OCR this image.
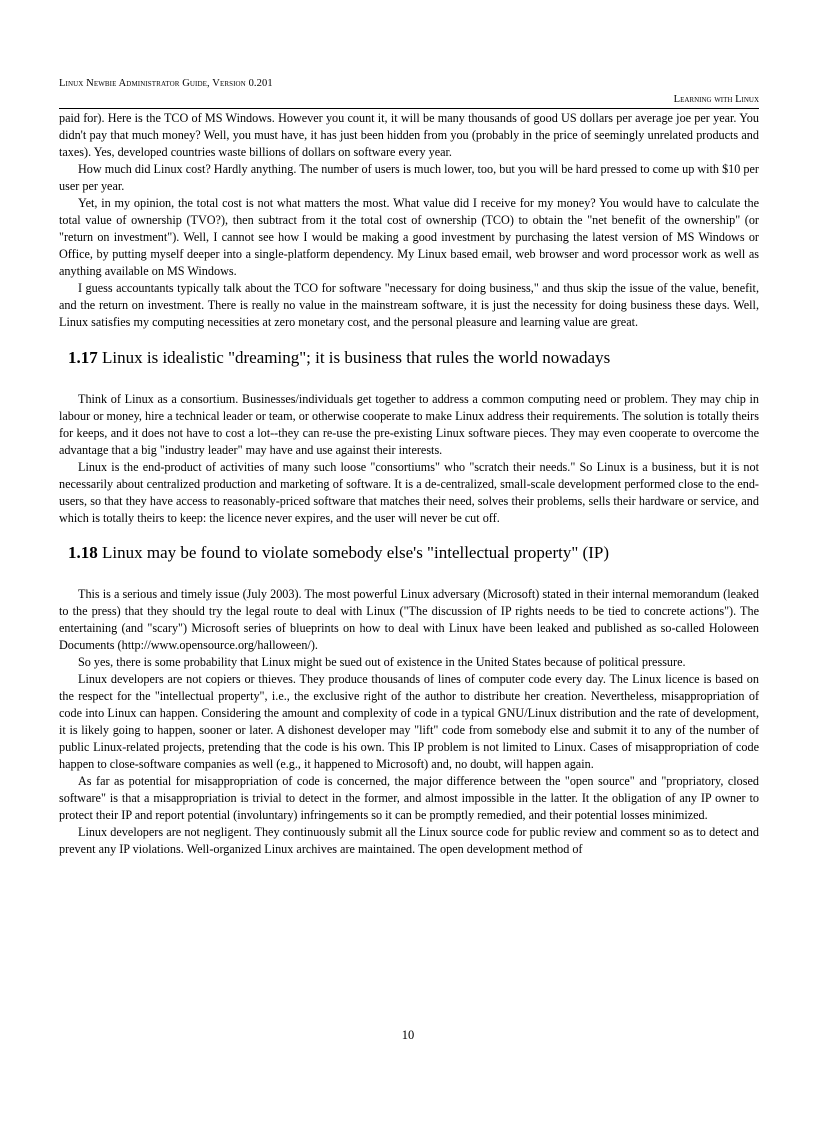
Linux Newbie Administrator Guide, Version 0.201
Learning with Linux

paid for). Here is the TCO of MS Windows. However you count it, it will be many thousands of good US dollars per average joe per year. You didn't pay that much money? Well, you must have, it has just been hidden from you (probably in the price of seemingly unrelated products and taxes). Yes, developed countries waste billions of dollars on software every year.

How much did Linux cost? Hardly anything. The number of users is much lower, too, but you will be hard pressed to come up with $10 per user per year.

Yet, in my opinion, the total cost is not what matters the most. What value did I receive for my money? You would have to calculate the total value of ownership (TVO?), then subtract from it the total cost of ownership (TCO) to obtain the "net benefit of the ownership" (or "return on investment"). Well, I cannot see how I would be making a good investment by purchasing the latest version of MS Windows or Office, by putting myself deeper into a single-platform dependency. My Linux based email, web browser and word processor work as well as anything available on MS Windows.

I guess accountants typically talk about the TCO for software "necessary for doing business," and thus skip the issue of the value, benefit, and the return on investment. There is really no value in the mainstream software, it is just the necessity for doing business these days. Well, Linux satisfies my computing necessities at zero monetary cost, and the personal pleasure and learning value are great.

1.17 Linux is idealistic "dreaming"; it is business that rules the world nowadays

Think of Linux as a consortium. Businesses/individuals get together to address a common computing need or problem. They may chip in labour or money, hire a technical leader or team, or otherwise cooperate to make Linux address their requirements. The solution is totally theirs for keeps, and it does not have to cost a lot--they can re-use the pre-existing Linux software pieces. They may even cooperate to overcome the advantage that a big "industry leader" may have and use against their interests.

Linux is the end-product of activities of many such loose "consortiums" who "scratch their needs." So Linux is a business, but it is not necessarily about centralized production and marketing of software. It is a de-centralized, small-scale development performed close to the end-users, so that they have access to reasonably-priced software that matches their need, solves their problems, sells their hardware or service, and which is totally theirs to keep: the licence never expires, and the user will never be cut off.

1.18 Linux may be found to violate somebody else's "intellectual property" (IP)

This is a serious and timely issue (July 2003). The most powerful Linux adversary (Microsoft) stated in their internal memorandum (leaked to the press) that they should try the legal route to deal with Linux ("The discussion of IP rights needs to be tied to concrete actions"). The entertaining (and "scary") Microsoft series of blueprints on how to deal with Linux have been leaked and published as so-called Holoween Documents (http://www.opensource.org/halloween/).

So yes, there is some probability that Linux might be sued out of existence in the United States because of political pressure.

Linux developers are not copiers or thieves. They produce thousands of lines of computer code every day. The Linux licence is based on the respect for the "intellectual property", i.e., the exclusive right of the author to distribute her creation. Nevertheless, misappropriation of code into Linux can happen. Considering the amount and complexity of code in a typical GNU/Linux distribution and the rate of development, it is likely going to happen, sooner or later. A dishonest developer may "lift" code from somebody else and submit it to any of the number of public Linux-related projects, pretending that the code is his own. This IP problem is not limited to Linux. Cases of misappropriation of code happen to close-software companies as well (e.g., it happened to Microsoft) and, no doubt, will happen again.

As far as potential for misappropriation of code is concerned, the major difference between the "open source" and "propriatory, closed software" is that a misappropriation is trivial to detect in the former, and almost impossible in the latter. It the obligation of any IP owner to protect their IP and report potential (involuntary) infringements so it can be promptly remedied, and their potential losses minimized.

Linux developers are not negligent. They continuously submit all the Linux source code for public review and comment so as to detect and prevent any IP violations. Well-organized Linux archives are maintained. The open development method of

10
